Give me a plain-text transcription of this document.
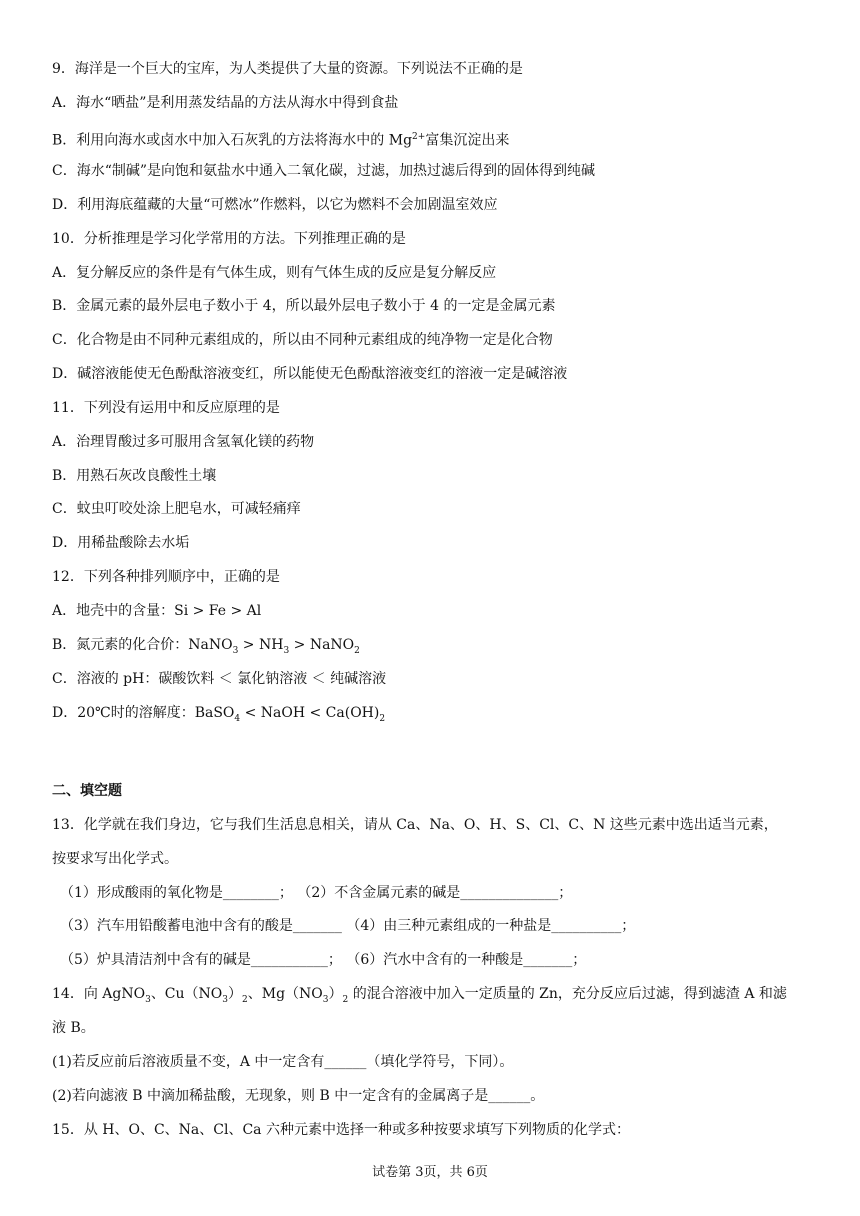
9．海洋是一个巨大的宝库，为人类提供了大量的资源。下列说法不正确的是
A．海水“晒盐”是利用蒸发结晶的方法从海水中得到食盐
B．利用向海水或卤水中加入石灰乳的方法将海水中的 $Mg^{2+}$富集沉淀出来
C．海水“制碱”是向饱和氨盐水中通入二氧化碳，过滤，加热过滤后得到的固体得到纯碱
D．利用海底蕴藏的大量“可燃冰”作燃料，以它为燃料不会加剧温室效应
10．分析推理是学习化学常用的方法。下列推理正确的是
A．复分解反应的条件是有气体生成，则有气体生成的反应是复分解反应
B．金属元素的最外层电子数小于 4，所以最外层电子数小于 4 的一定是金属元素
C．化合物是由不同种元素组成的，所以由不同种元素组成的纯净物一定是化合物
D．碱溶液能使无色酚酞溶液变红，所以能使无色酚酞溶液变红的溶液一定是碱溶液
11．下列没有运用中和反应原理的是
A．治理胃酸过多可服用含氢氧化镁的药物
B．用熟石灰改良酸性土壤
C．蚊虫叮咬处涂上肥皂水，可减轻痛痒
D．用稀盐酸除去水垢
12．下列各种排列顺序中，正确的是
A．地壳中的含量：Si > Fe > Al
B．氮元素的化合价：NaNO$_3$ > $NH_3$ > NaNO$_2$
C．溶液的 pH：碳酸饮料 ＜ 氯化钠溶液 ＜ 纯碱溶液
D．20℃时的溶解度：BaSO$_4$ < NaOH < $Ca(OH)_2$
二、填空题
13．化学就在我们身边，它与我们生活息息相关，请从 Ca、Na、O、H、S、Cl、C、N 这些元素中选出适当元素，
按要求写出化学式。
（1）形成酸雨的氧化物是________； （2）不含金属元素的碱是______________；
（3）汽车用铅酸蓄电池中含有的酸是_______ （4）由三种元素组成的一种盐是__________；
（5）炉具清洁剂中含有的碱是___________； （6）汽水中含有的一种酸是_______；
14．向 AgNO$_3$、$Cu(NO_3)_2$、$Mg(NO_3)_2$ 的混合溶液中加入一定质量的 Zn，充分反应后过滤，得到滤渣 A 和滤
液 B。
(1)若反应前后溶液质量不变，A 中一定含有______（填化学符号，下同）。
(2)若向滤液 B 中滴加稀盐酸，无现象，则 B 中一定含有的金属离子是______。
15．从 H、O、C、Na、Cl、Ca 六种元素中选择一种或多种按要求填写下列物质的化学式：
试卷第 3页，共 6页
